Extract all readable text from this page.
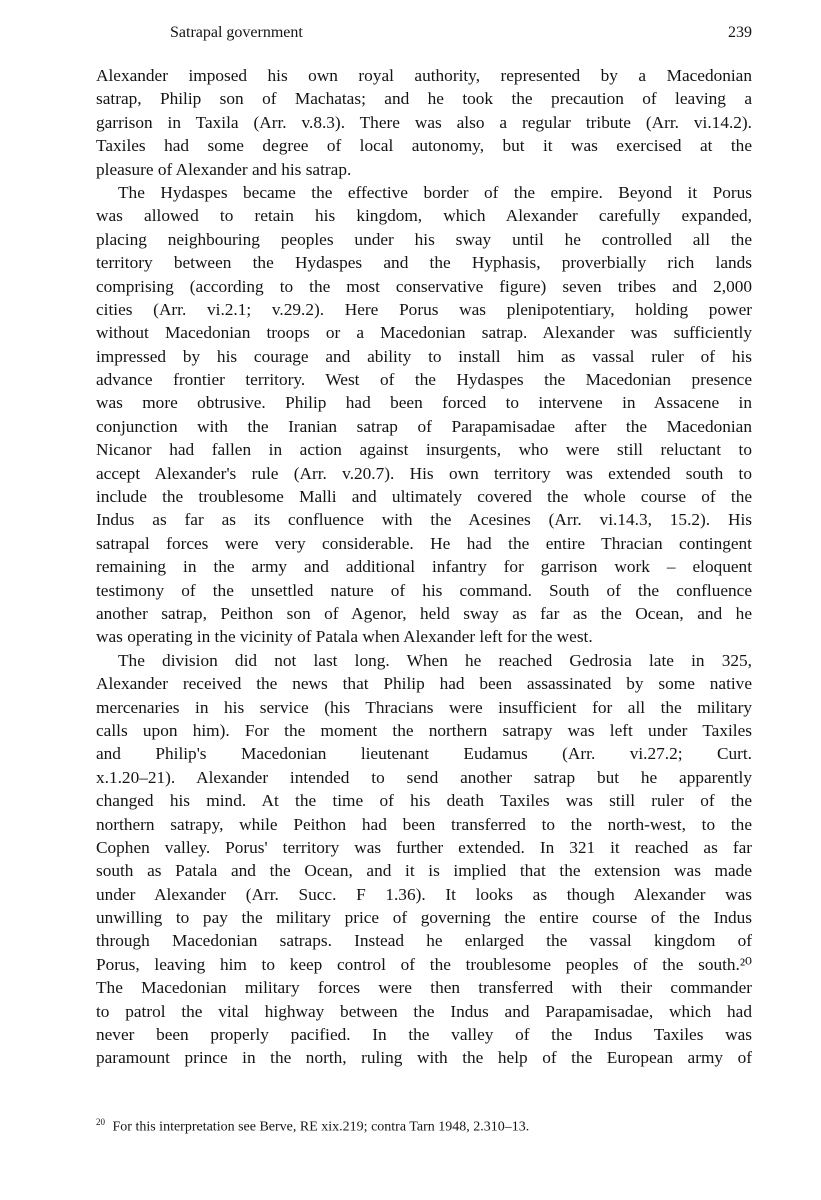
Satrapal government	239
Alexander imposed his own royal authority, represented by a Macedonian
satrap, Philip son of Machatas; and he took the precaution of leaving a
garrison in Taxila (Arr. v.8.3). There was also a regular tribute (Arr. vi.14.2).
Taxiles had some degree of local autonomy, but it was exercised at the
pleasure of Alexander and his satrap.
The Hydaspes became the effective border of the empire. Beyond it Porus
was allowed to retain his kingdom, which Alexander carefully expanded,
placing neighbouring peoples under his sway until he controlled all the
territory between the Hydaspes and the Hyphasis, proverbially rich lands
comprising (according to the most conservative figure) seven tribes and 2,000
cities (Arr. vi.2.1; v.29.2). Here Porus was plenipotentiary, holding power
without Macedonian troops or a Macedonian satrap. Alexander was sufficiently
impressed by his courage and ability to install him as vassal ruler of his
advance frontier territory. West of the Hydaspes the Macedonian presence
was more obtrusive. Philip had been forced to intervene in Assacene in
conjunction with the Iranian satrap of Parapamisadae after the Macedonian
Nicanor had fallen in action against insurgents, who were still reluctant to
accept Alexander's rule (Arr. v.20.7). His own territory was extended south to
include the troublesome Malli and ultimately covered the whole course of the
Indus as far as its confluence with the Acesines (Arr. vi.14.3, 15.2). His
satrapal forces were very considerable. He had the entire Thracian contingent
remaining in the army and additional infantry for garrison work – eloquent
testimony of the unsettled nature of his command. South of the confluence
another satrap, Peithon son of Agenor, held sway as far as the Ocean, and he
was operating in the vicinity of Patala when Alexander left for the west.
The division did not last long. When he reached Gedrosia late in 325,
Alexander received the news that Philip had been assassinated by some native
mercenaries in his service (his Thracians were insufficient for all the military
calls upon him). For the moment the northern satrapy was left under Taxiles
and Philip's Macedonian lieutenant Eudamus (Arr. vi.27.2; Curt.
x.1.20–21). Alexander intended to send another satrap but he apparently
changed his mind. At the time of his death Taxiles was still ruler of the
northern satrapy, while Peithon had been transferred to the north-west, to the
Cophen valley. Porus' territory was further extended. In 321 it reached as far
south as Patala and the Ocean, and it is implied that the extension was made
under Alexander (Arr. Succ. F 1.36). It looks as though Alexander was
unwilling to pay the military price of governing the entire course of the Indus
through Macedonian satraps. Instead he enlarged the vassal kingdom of
Porus, leaving him to keep control of the troublesome peoples of the south.²⁰
The Macedonian military forces were then transferred with their commander
to patrol the vital highway between the Indus and Parapamisadae, which had
never been properly pacified. In the valley of the Indus Taxiles was
paramount prince in the north, ruling with the help of the European army of
$^{20}$ For this interpretation see Berve, RE xix.219; contra Tarn 1948, 2.310–13.
